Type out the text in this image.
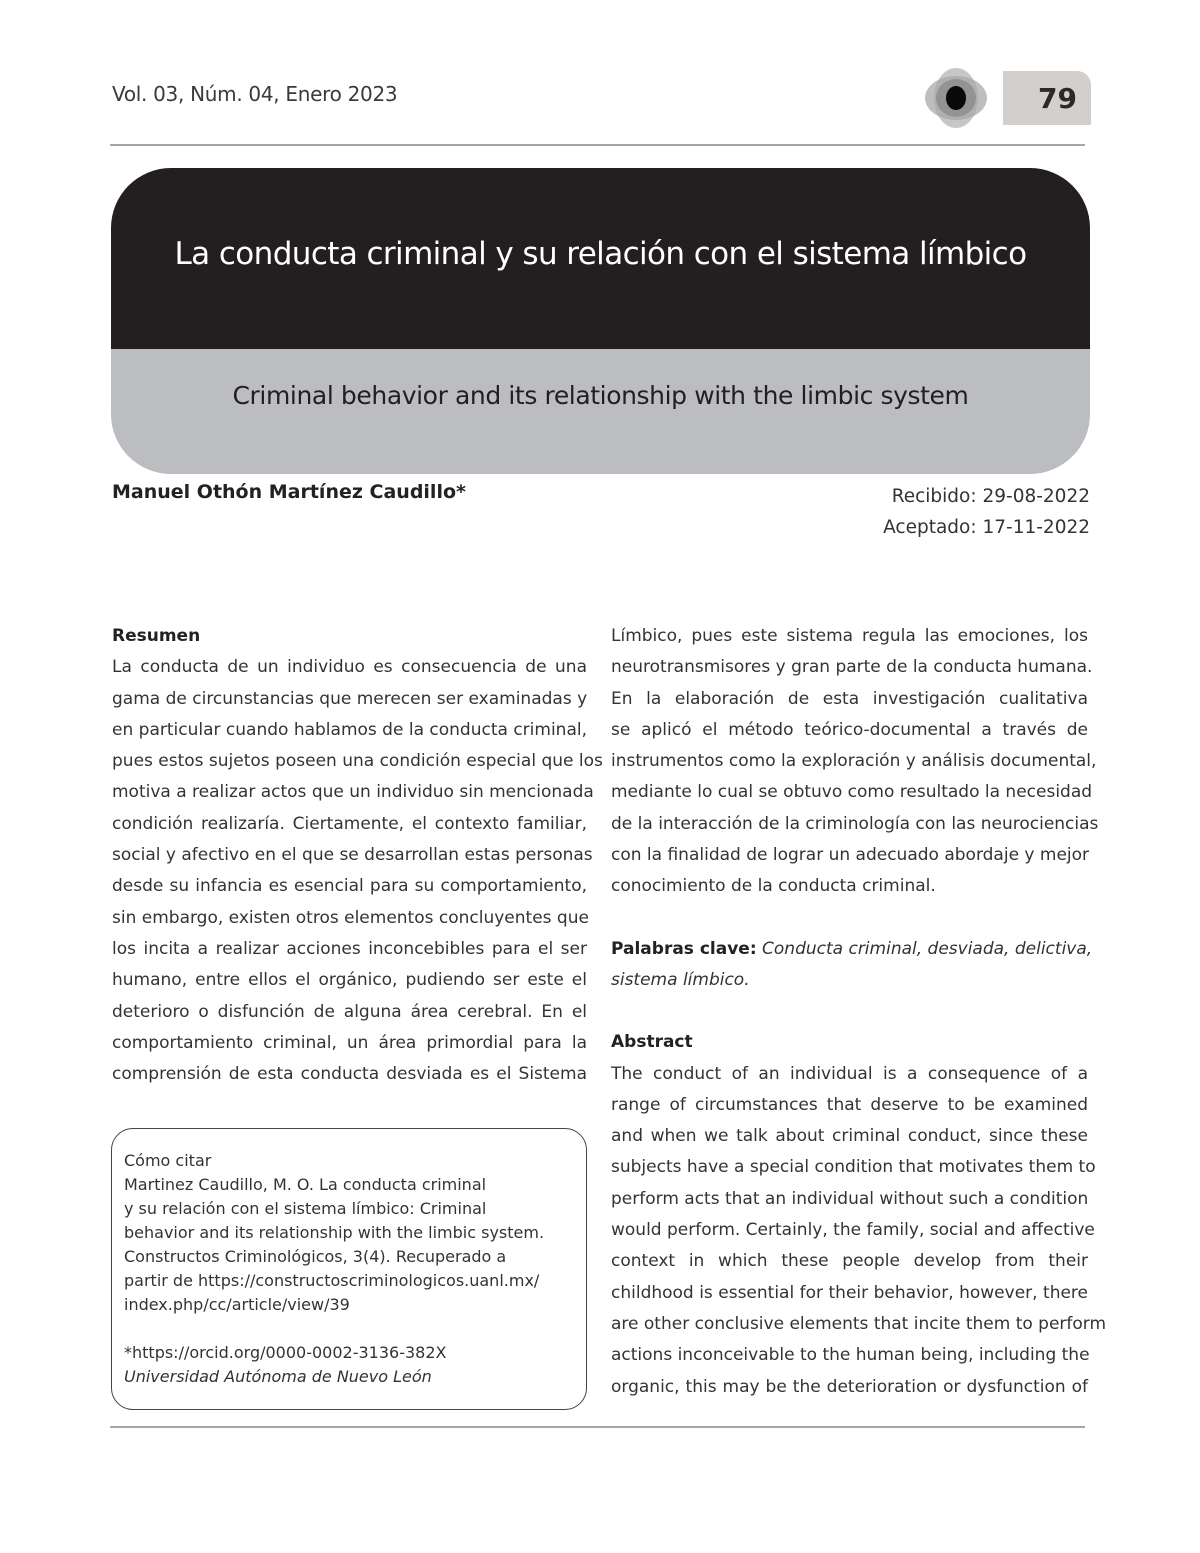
Vol. 03, Núm. 04, Enero 2023	79
La conducta criminal y su relación con el sistema límbico
Criminal behavior and its relationship with the limbic system
Manuel Othón Martínez Caudillo*	Recibido: 29-08-2022
Aceptado: 17-11-2022
Resumen
La conducta de un individuo es consecuencia de una
gama de circunstancias que merecen ser examinadas y
en particular cuando hablamos de la conducta criminal,
pues estos sujetos poseen una condición especial que los
motiva a realizar actos que un individuo sin mencionada
condición realizaría. Ciertamente, el contexto familiar,
social y afectivo en el que se desarrollan estas personas
desde su infancia es esencial para su comportamiento,
sin embargo, existen otros elementos concluyentes que
los incita a realizar acciones inconcebibles para el ser
humano, entre ellos el orgánico, pudiendo ser este el
deterioro o disfunción de alguna área cerebral. En el
comportamiento criminal, un área primordial para la
comprensión de esta conducta desviada es el Sistema
Cómo citar
Martinez Caudillo, M. O. La conducta criminal
y su relación con el sistema límbico: Criminal
behavior and its relationship with the limbic system.
Constructos Criminológicos, 3(4). Recuperado a
partir de https://constructoscriminologicos.uanl.mx/
index.php/cc/article/view/39
*https://orcid.org/0000-0002-3136-382X
Universidad Autónoma de Nuevo León
Límbico, pues este sistema regula las emociones, los
neurotransmisores y gran parte de la conducta humana.
En la elaboración de esta investigación cualitativa
se aplicó el método teórico-documental a través de
instrumentos como la exploración y análisis documental,
mediante lo cual se obtuvo como resultado la necesidad
de la interacción de la criminología con las neurociencias
con la finalidad de lograr un adecuado abordaje y mejor
conocimiento de la conducta criminal.
Palabras clave: Conducta criminal, desviada, delictiva,
sistema límbico.
Abstract
The conduct of an individual is a consequence of a
range of circumstances that deserve to be examined
and when we talk about criminal conduct, since these
subjects have a special condition that motivates them to
perform acts that an individual without such a condition
would perform. Certainly, the family, social and affective
context in which these people develop from their
childhood is essential for their behavior, however, there
are other conclusive elements that incite them to perform
actions inconceivable to the human being, including the
organic, this may be the deterioration or dysfunction of
